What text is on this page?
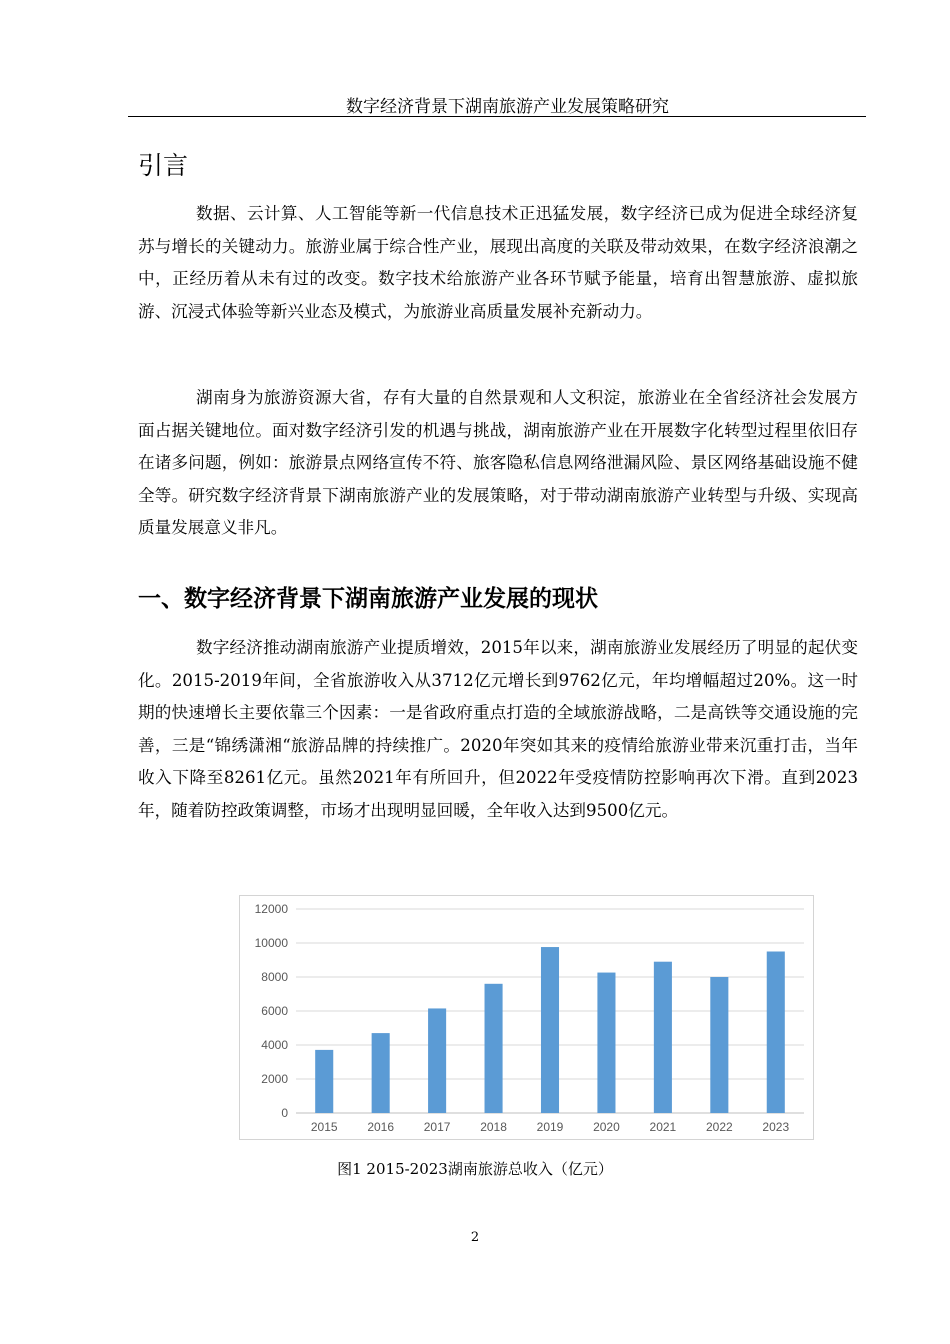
数字经济背景下湖南旅游产业发展策略研究
引言
数据、云计算、人工智能等新一代信息技术正迅猛发展，数字经济已成为促进全球经济复苏与增长的关键动力。旅游业属于综合性产业，展现出高度的关联及带动效果，在数字经济浪潮之中，正经历着从未有过的改变。数字技术给旅游产业各环节赋予能量，培育出智慧旅游、虚拟旅游、沉浸式体验等新兴业态及模式，为旅游业高质量发展补充新动力。
湖南身为旅游资源大省，存有大量的自然景观和人文积淀，旅游业在全省经济社会发展方面占据关键地位。面对数字经济引发的机遇与挑战，湖南旅游产业在开展数字化转型过程里依旧存在诸多问题，例如：旅游景点网络宣传不符、旅客隐私信息网络泄漏风险、景区网络基础设施不健全等。研究数字经济背景下湖南旅游产业的发展策略，对于带动湖南旅游产业转型与升级、实现高质量发展意义非凡。
一、数字经济背景下湖南旅游产业发展的现状
数字经济推动湖南旅游产业提质增效，2015年以来，湖南旅游业发展经历了明显的起伏变化。2015-2019年间，全省旅游收入从3712亿元增长到9762亿元，年均增幅超过20%。这一时期的快速增长主要依靠三个因素：一是省政府重点打造的全域旅游战略，二是高铁等交通设施的完善，三是“锦绣潇湘“旅游品牌的持续推广。2020年突如其来的疫情给旅游业带来沉重打击，当年收入下降至8261亿元。虽然2021年有所回升，但2022年受疫情防控影响再次下滑。直到2023年，随着防控政策调整，市场才出现明显回暖，全年收入达到9500亿元。
0
2000
4000
6000
8000
10000
12000
2015 2016 2017 2018 2019 2020 2021 2022 2023
图1 2015-2023湖南旅游总收入（亿元）
2
